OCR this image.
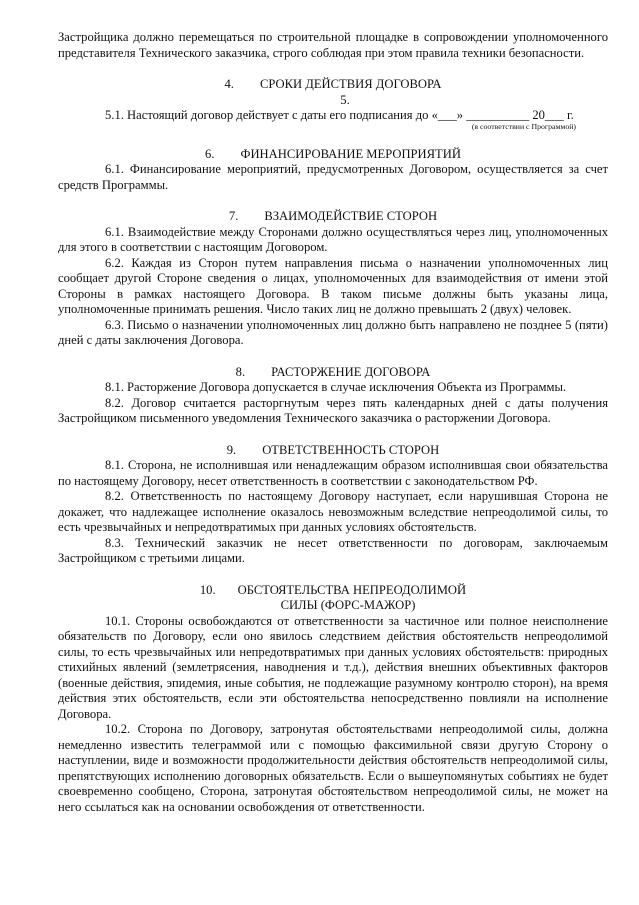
Застройщика должно перемещаться по строительной площадке в сопровождении уполномоченного представителя Технического заказчика, строго соблюдая при этом правила техники безопасности.

4. СРОКИ ДЕЙСТВИЯ ДОГОВОРА
5.

5.1. Настоящий договор действует с даты его подписания до «___» __________ 20___ г.

(в соответствии с Программой)
6. ФИНАНСИРОВАНИЕ МЕРОПРИЯТИЙ

6.1. Финансирование мероприятий, предусмотренных Договором, осуществляется за счет средств Программы.

7. ВЗАИМОДЕЙСТВИЕ СТОРОН

6.1. Взаимодействие между Сторонами должно осуществляться через лиц, уполномоченных для этого в соответствии с настоящим Договором.

6.2. Каждая из Сторон путем направления письма о назначении уполномоченных лиц сообщает другой Стороне сведения о лицах, уполномоченных для взаимодействия от имени этой Стороны в рамках настоящего Договора. В таком письме должны быть указаны лица, уполномоченные принимать решения. Число таких лиц не должно превышать 2 (двух) человек.

6.3. Письмо о назначении уполномоченных лиц должно быть направлено не позднее 5 (пяти) дней с даты заключения Договора.

8. РАСТОРЖЕНИЕ ДОГОВОРА

8.1. Расторжение Договора допускается в случае исключения Объекта из Программы.

8.2. Договор считается расторгнутым через пять календарных дней с даты получения Застройщиком письменного уведомления Технического заказчика о расторжении Договора.

9. ОТВЕТСТВЕННОСТЬ СТОРОН

8.1. Сторона, не исполнившая или ненадлежащим образом исполнившая свои обязательства по настоящему Договору, несет ответственность в соответствии с законодательством РФ.

8.2. Ответственность по настоящему Договору наступает, если нарушившая Сторона не докажет, что надлежащее исполнение оказалось невозможным вследствие непреодолимой силы, то есть чрезвычайных и непредотвратимых при данных условиях обстоятельств.

8.3. Технический заказчик не несет ответственности по договорам, заключаемым Застройщиком с третьими лицами.

10. ОБСТОЯТЕЛЬСТВА НЕПРЕОДОЛИМОЙ
СИЛЫ (ФОРС-МАЖОР)

10.1. Стороны освобождаются от ответственности за частичное или полное неисполнение обязательств по Договору, если оно явилось следствием действия обстоятельств непреодолимой силы, то есть чрезвычайных или непредотвратимых при данных условиях обстоятельств: природных стихийных явлений (землетрясения, наводнения и т.д.), действия внешних объективных факторов (военные действия, эпидемия, иные события, не подлежащие разумному контролю сторон), на время действия этих обстоятельств, если эти обстоятельства непосредственно повлияли на исполнение Договора.

10.2. Сторона по Договору, затронутая обстоятельствами непреодолимой силы, должна немедленно известить телеграммой или с помощью факсимильной связи другую Сторону о наступлении, виде и возможности продолжительности действия обстоятельств непреодолимой силы, препятствующих исполнению договорных обязательств. Если о вышеупомянутых событиях не будет своевременно сообщено, Сторона, затронутая обстоятельством непреодолимой силы, не может на него ссылаться как на основании освобождения от ответственности.
